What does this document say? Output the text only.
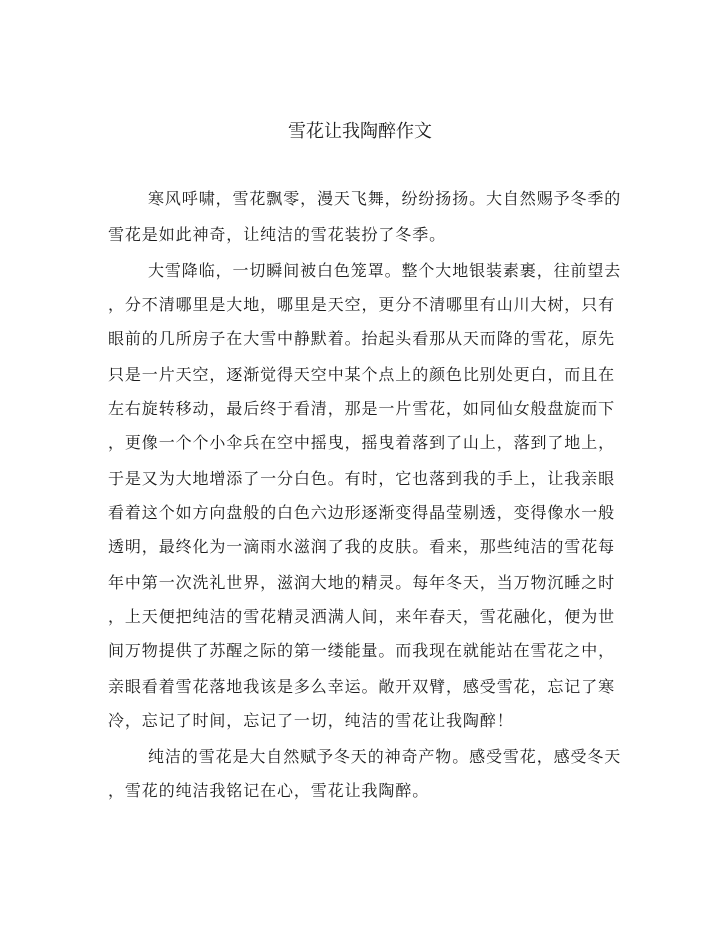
雪花让我陶醉作文
寒风呼啸，雪花飘零，漫天飞舞，纷纷扬扬。大自然赐予冬季的
雪花是如此神奇，让纯洁的雪花装扮了冬季。
大雪降临，一切瞬间被白色笼罩。整个大地银装素裹，往前望去
，分不清哪里是大地，哪里是天空，更分不清哪里有山川大树，只有
眼前的几所房子在大雪中静默着。抬起头看那从天而降的雪花，原先
只是一片天空，逐渐觉得天空中某个点上的颜色比别处更白，而且在
左右旋转移动，最后终于看清，那是一片雪花，如同仙女般盘旋而下
，更像一个个小伞兵在空中摇曳，摇曳着落到了山上，落到了地上，
于是又为大地增添了一分白色。有时，它也落到我的手上，让我亲眼
看着这个如方向盘般的白色六边形逐渐变得晶莹剔透，变得像水一般
透明，最终化为一滴雨水滋润了我的皮肤。看来，那些纯洁的雪花每
年中第一次洗礼世界，滋润大地的精灵。每年冬天，当万物沉睡之时
，上天便把纯洁的雪花精灵洒满人间，来年春天，雪花融化，便为世
间万物提供了苏醒之际的第一缕能量。而我现在就能站在雪花之中，
亲眼看着雪花落地我该是多么幸运。敞开双臂，感受雪花，忘记了寒
冷，忘记了时间，忘记了一切，纯洁的雪花让我陶醉！
纯洁的雪花是大自然赋予冬天的神奇产物。感受雪花，感受冬天
，雪花的纯洁我铭记在心，雪花让我陶醉。
